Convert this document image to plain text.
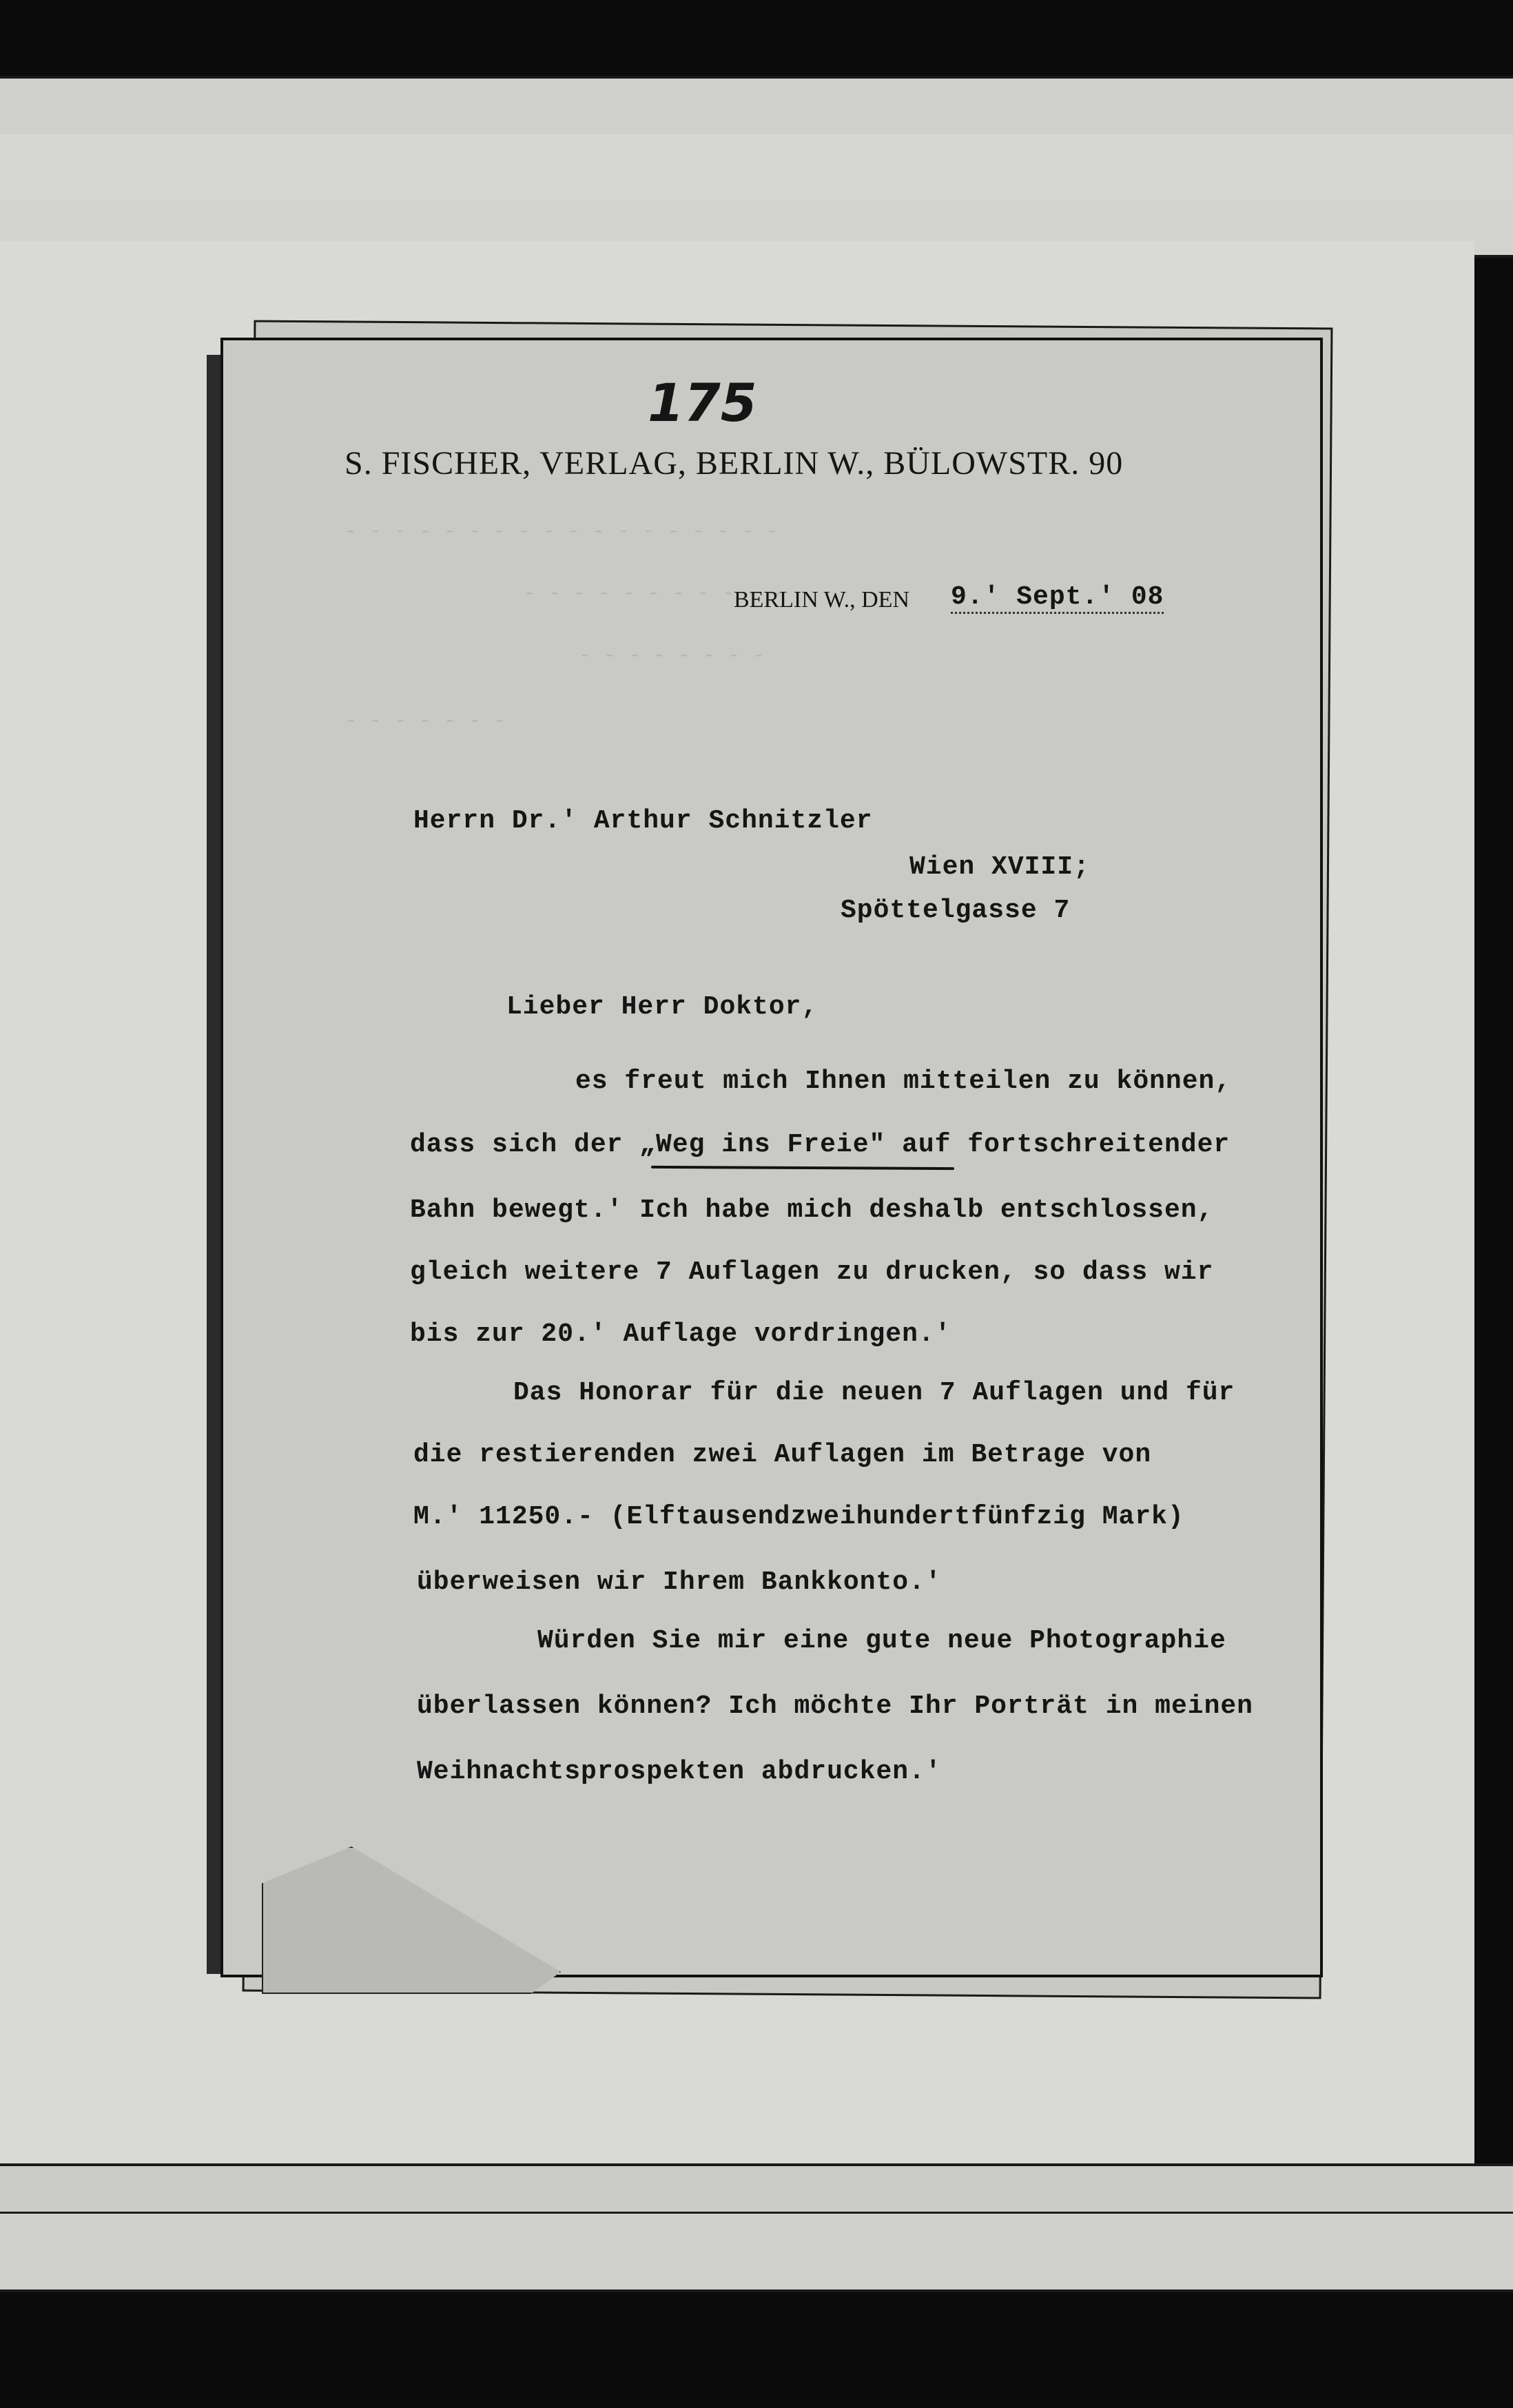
- - - - - - - - - - - - - - - - - -
- - - - - - - - - - -
- - - - - - - -
- - - - - - -
175
S. FISCHER, VERLAG, BERLIN W., BÜLOWSTR. 90
BERLIN W., DEN 9.' Sept.' 08
Herrn Dr.' Arthur Schnitzler
Wien XVIII;
Spöttelgasse 7
Lieber Herr Doktor,
es freut mich Ihnen mitteilen zu können,
dass sich der „Weg ins Freie" auf fortschreitender
Bahn bewegt.' Ich habe mich deshalb entschlossen,
gleich weitere 7 Auflagen zu drucken, so dass wir
bis zur 20.' Auflage vordringen.'
Das Honorar für die neuen 7 Auflagen und für
die restierenden zwei Auflagen im Betrage von
M.' 11250.- (Elftausendzweihundertfünfzig Mark)
überweisen wir Ihrem Bankkonto.'
Würden Sie mir eine gute neue Photographie
überlassen können? Ich möchte Ihr Porträt in meinen
Weihnachtsprospekten abdrucken.'
